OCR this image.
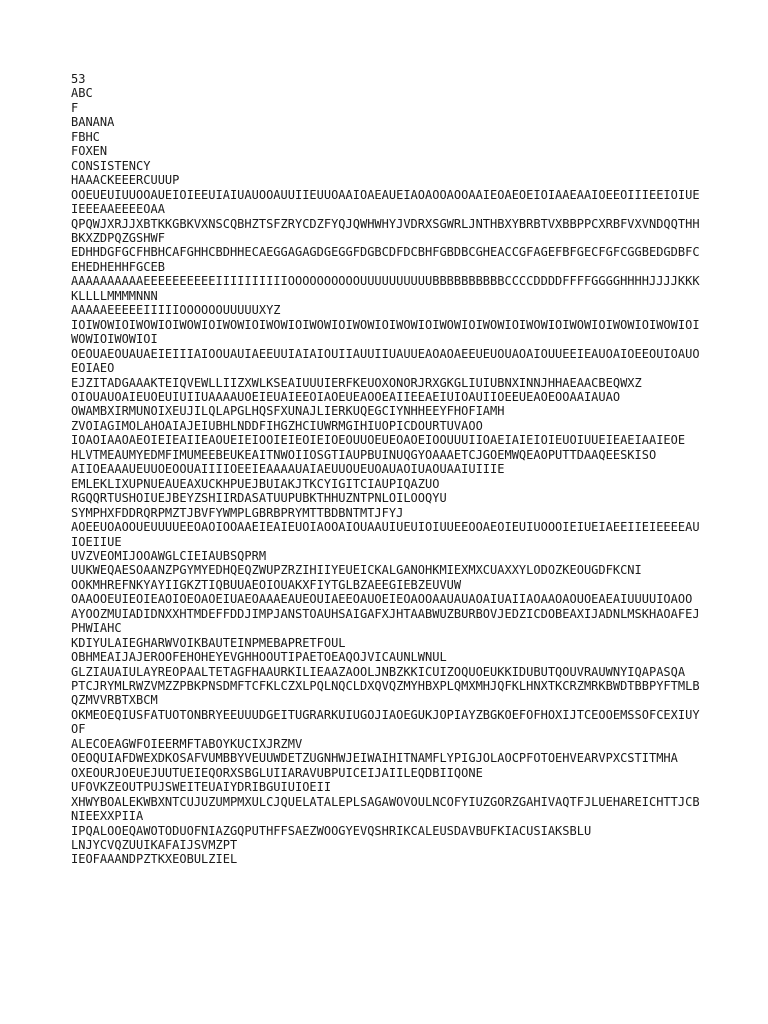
53
ABC
F
BANANA
FBHC
FOXEN
CONSISTENCY
HAAACKEEERCUUUP
OOEUEUIUUOOAUEIOIEEUIAIUAUOOAUUIIEUUOAAIOAEAUEIAOAOOAOOAAIEOAEOEIOIAAEAAIOEEOIIIEEIOIUEIEEEAAEEEEOAA
QPQWJXRJJXBTKKGBKVXNSCQBHZTSFZRYCDZFYQJQWHWHYJVDRXSGWRLJNTHBXYBRBTVXBBPPCXRBFVXVNDQQTHHBKXZDPQZGSHWF
EDHHDGFGCFHBHCAFGHHCBDHHECAEGGAGAGDGEGGFDGBCDFDCBHFGBDBCGHEACCGFAGEFBFGECFGFCGGBEDGDBFCEHEDHEHHFGCEB
AAAAAAAAAAEEEEEEEEEEIIIIIIIIIIOOOOOOOOOOUUUUUUUUUUBBBBBBBBBBCCCCDDDDFFFFGGGGHHHHJJJJKKKKLLLLMMMMNNN
AAAAAEEEEEIIIIIOOOOOOUUUUUXYZ
IOIWOWIOIWOWIOIWOWIOIWOWIOIWOWIOIWOWIOIWOWIOIWOWIOIWOWIOIWOWIOIWOWIOIWOWIOIWOWIOIWOWIOIWOWIOIWOWIOI
OEOUAEOUAUAEIEIIIAIOOUAUIAEEUUIAIAIOUIIAUUIIUAUUEAOAOAEEUEUOUAOAIOUUEEIEAUOAIOEEOUIOAUOEOIAEO
EJZITADGAAAKTEIQVEWLLIIZXWLKSEAIUUUIERFKEUOXONORJRXGKGLIUIUBNXINNJHHAEAACBEQWXZ
OIOUAUOAIEUOEUIUIIUAAAAUOEIEUAIEEOIAOEUEAOOEAIIEEAEIUIOAUIIOEEUEAOEOOAAIAUAO
OWAMBXIRMUNOIXEUJILQLAPGLHQSFXUNAJLIERKUQEGCIYNHHEEYFHOFIAMH
ZVOIAGIMOLAHOAIAJEIUBHLNDDFIHGZHCIUWRMGIHIUOPICDOURTUVAOO
IOAOIAAOAEOIEIEAIIEAOUEIEIOOIEIEOIEIOEOUUOEUEOAOEIOOUUUIIOAEIAIEIOIEUOIUUEIEAEIAAIEOE
HLVTMEAUMYEDMFIMUMEEBEUKEAITNWOIIOSGTIAUPBUINUQGYOAAAETCJGOEMWQEAOPUTTDAAQEESKISO
AIIOEAAAUEUUOEOOUAIIIIOEEIEAAAAUAIAEUUOUEUOAUAOIUAOUAAIUIIIE
EMLEKLIXUPNUEAUEAXUCKHPUEJBUIAKJTKCYIGITCIAUPIQAZUO
RGQQRTUSHOIUEJBEYZSHIIRDASATUUPUBKTHHUZNTPNLOILOOQYU
SYMPHXFDDRQRPMZTJBVFYWMPLGBRBPRYMTTBDBNTMTJFYJ
AOEEUOAOOUEUUUUEEOAOIOOAAEIEAIEUOIAOOAIOUAAUIUEUIOIUUEEOOAEOIEUIUOOOIEIUEIAEEIIEIEEEEAUIOEIIUE
UVZVEOMIJOOAWGLCIEIAUBSQPRM
UUKWEQAESOAANZPGYMYEDHQEQZWUPZRZIHIIYEUEICKALGANOHKMIEXMXCUAXXYLODOZKEOUGDFKCNI
OOKMHREFNKYAYIIGKZTIQBUUAEOIOUAKXFIYTGLBZAEEGIEBZEUVUW
OAAOOEUIEOIEAOIOEOAOEIUAEOAAAEAUEOUIAEEOAUOEIEOAOOAAUAUAOAIUAIIAOAAOAOUOEAEAIUUUUIOAOO
AYOOZMUIADIDNXXHTMDEFFDDJIMPJANSTOAUHSAIGAFXJHTAABWUZBURBOVJEDZICDOBEAXIJADNLMSKHAOAFEJPHWIAHC
KDIYULAIEGHARWVOIKBAUTEINPMEBAPRETFOUL
OBHMEAIJAJEROOFEHOHEYEVGHHOOUTIPAETOEAQOJVICAUNLWNUL
GLZIAUAIULAYREOPAALTETAGFHAAURKILIEAAZAOOLJNBZKKICUIZOQUOEUKKIDUBUTQOUVRAUWNYIQAPASQA
PTCJRYMLRWZVMZZPBKPNSDMFTCFKLCZXLPQLNQCLDXQVQZMYHBXPLQMXMHJQFKLHNXTKCRZMRKBWDTBBPYFTMLBQZMVVRBTXBCM
OKMEOEQIUSFATUOTONBRYEEUUUDGEITUGRARKUIUGOJIAOEGUKJOPIAYZBGKOEFOFHOXIJTCEOOEMSSOFCEXIUYOF
ALECOEAGWFOIEERMFTABOYKUCIXJRZMV
OEOQUIAFDWEXDKOSAFVUMBBYVEUUWDETZUGNHWJEIWAIHITNAMFLYPIGJOLAOCPFOTOEHVEARVPXCSTITMHA
OXEOURJOEUEJUUTUEIEQORXSBGLUIIARAVUBPUICEIJAIILEQDBIIQONE
UFOVKZEOUTPUJSWEITEUAIYDRIBGUIUIOEII
XHWYBOALEKWBXNTCUJUZUMPMXULCJQUELATALEPLSAGAWOVOULNCOFYIUZGORZGAHIVAQTFJLUEHAREICHTTJCBNIEEXXPIIA
IPQALOOEQAWOTODUOFNIAZGQPUTHFFSAEZWOOGYEVQSHRIKCALEUSDAVBUFKIACUSIAKSBLU
LNJYCVQZUUIKAFAIJSVMZPT
IEOFAAANDPZTKXEOBULZIEL
